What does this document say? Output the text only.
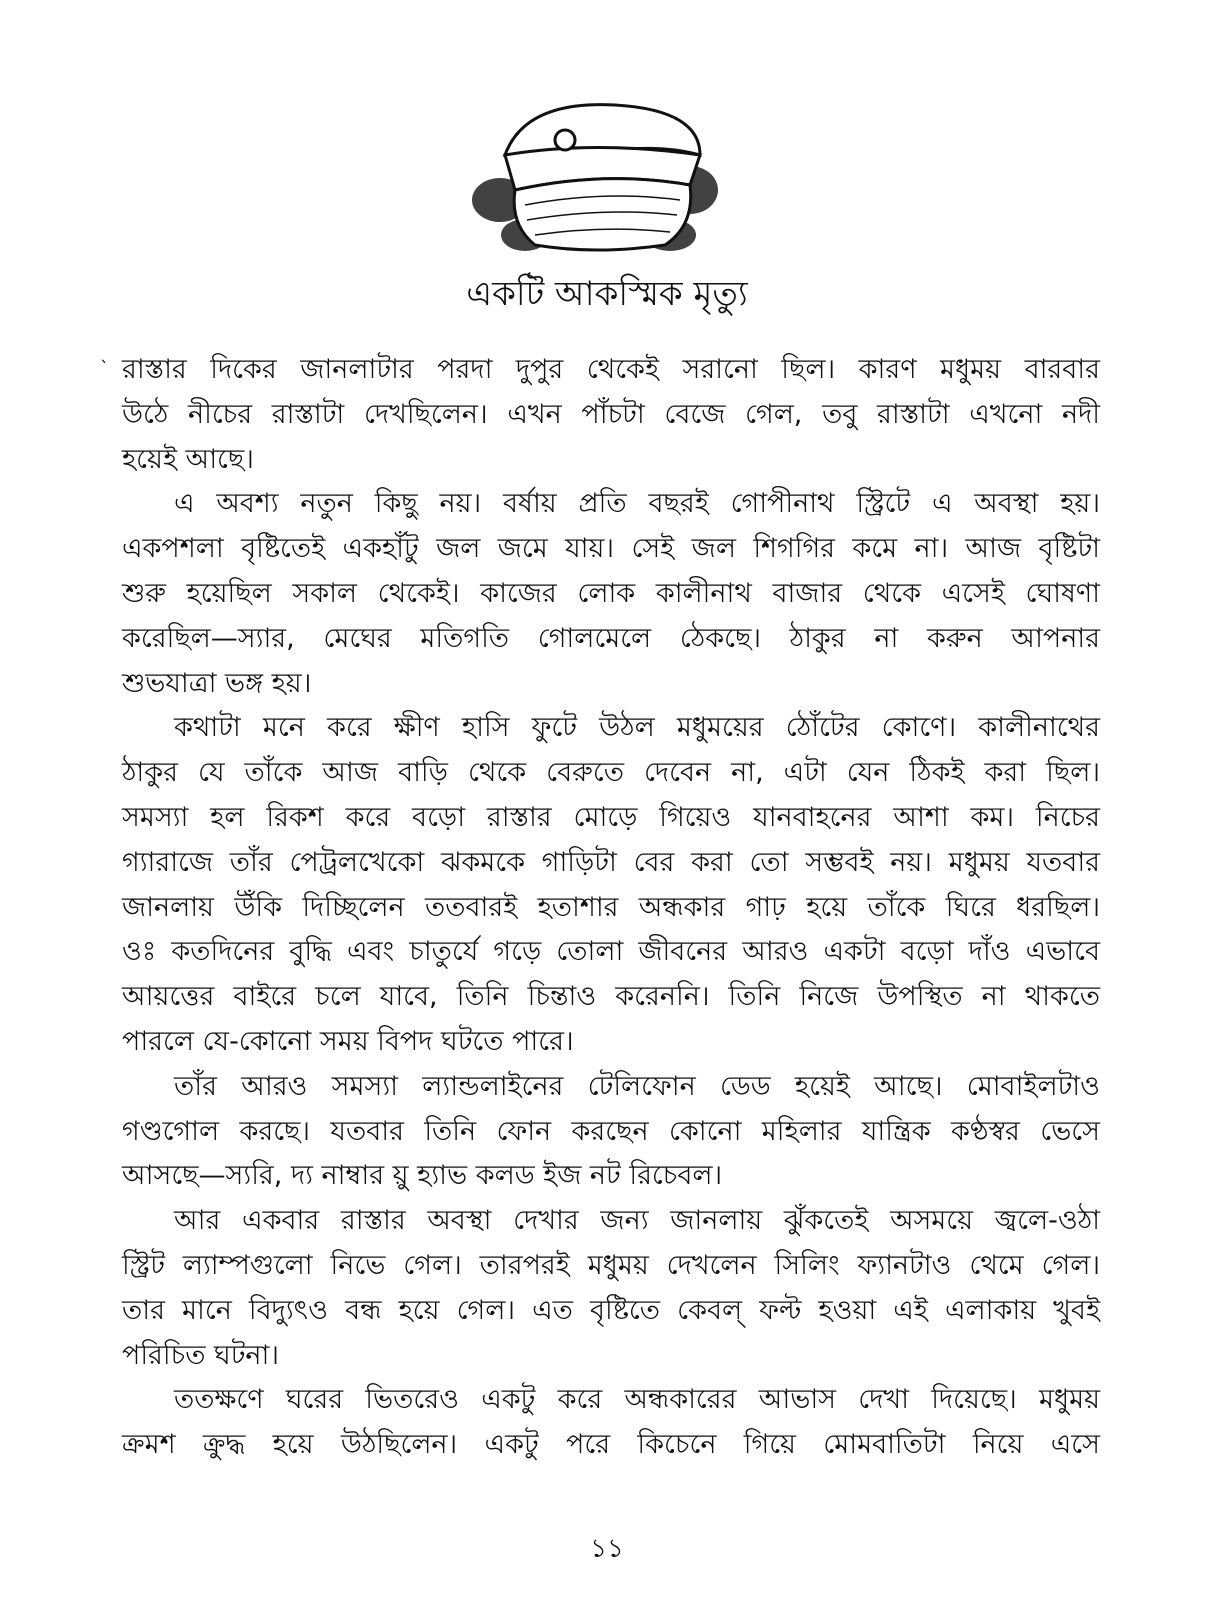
একটি আকস্মিক মৃত্যু
ˋ রাস্তার দিকের জানলাটার পরদা দুপুর থেকেই সরানো ছিল। কারণ মধুময় বারবার
উঠে নীচের রাস্তাটা দেখছিলেন। এখন পাঁচটা বেজে গেল, তবু রাস্তাটা এখনো নদী
হয়েই আছে।
এ অবশ্য নতুন কিছু নয়। বর্ষায় প্রতি বছরই গোপীনাথ স্ট্রিটে এ অবস্থা হয়।
একপশলা বৃষ্টিতেই একহাঁটু জল জমে যায়। সেই জল শিগগির কমে না। আজ বৃষ্টিটা
শুরু হয়েছিল সকাল থেকেই। কাজের লোক কালীনাথ বাজার থেকে এসেই ঘোষণা
করেছিল—স্যার, মেঘের মতিগতি গোলমেলে ঠেকছে। ঠাকুর না করুন আপনার
শুভযাত্রা ভঙ্গ হয়।
কথাটা মনে করে ক্ষীণ হাসি ফুটে উঠল মধুময়ের ঠোঁটের কোণে। কালীনাথের
ঠাকুর যে তাঁকে আজ বাড়ি থেকে বেরুতে দেবেন না, এটা যেন ঠিকই করা ছিল।
সমস্যা হল রিকশ করে বড়ো রাস্তার মোড়ে গিয়েও যানবাহনের আশা কম। নিচের
গ্যারাজে তাঁর পেট্রলখেকো ঝকমকে গাড়িটা বের করা তো সম্ভবই নয়। মধুময় যতবার
জানলায় উঁকি দিচ্ছিলেন ততবারই হতাশার অন্ধকার গাঢ় হয়ে তাঁকে ঘিরে ধরছিল।
ওঃ কতদিনের বুদ্ধি এবং চাতুর্যে গড়ে তোলা জীবনের আরও একটা বড়ো দাঁও এভাবে
আয়ত্তের বাইরে চলে যাবে, তিনি চিন্তাও করেননি। তিনি নিজে উপস্থিত না থাকতে
পারলে যে-কোনো সময় বিপদ ঘটতে পারে।
তাঁর আরও সমস্যা ল্যান্ডলাইনের টেলিফোন ডেড হয়েই আছে। মোবাইলটাও
গণ্ডগোল করছে। যতবার তিনি ফোন করছেন কোনো মহিলার যান্ত্রিক কণ্ঠস্বর ভেসে
আসছে—স্যরি, দ্য নাম্বার য়ু হ্যাভ কলড ইজ নট রিচেবল।
আর একবার রাস্তার অবস্থা দেখার জন্য জানলায় ঝুঁকতেই অসময়ে জ্বলে-ওঠা
স্ট্রিট ল্যাম্পগুলো নিভে গেল। তারপরই মধুময় দেখলেন সিলিং ফ্যানটাও থেমে গেল।
তার মানে বিদ্যুৎও বন্ধ হয়ে গেল। এত বৃষ্টিতে কেবল্ ফল্ট হওয়া এই এলাকায় খুবই
পরিচিত ঘটনা।
ততক্ষণে ঘরের ভিতরেও একটু করে অন্ধকারের আভাস দেখা দিয়েছে। মধুময়
ক্রমশ ক্রুদ্ধ হয়ে উঠছিলেন। একটু পরে কিচেনে গিয়ে মোমবাতিটা নিয়ে এসে
১১
